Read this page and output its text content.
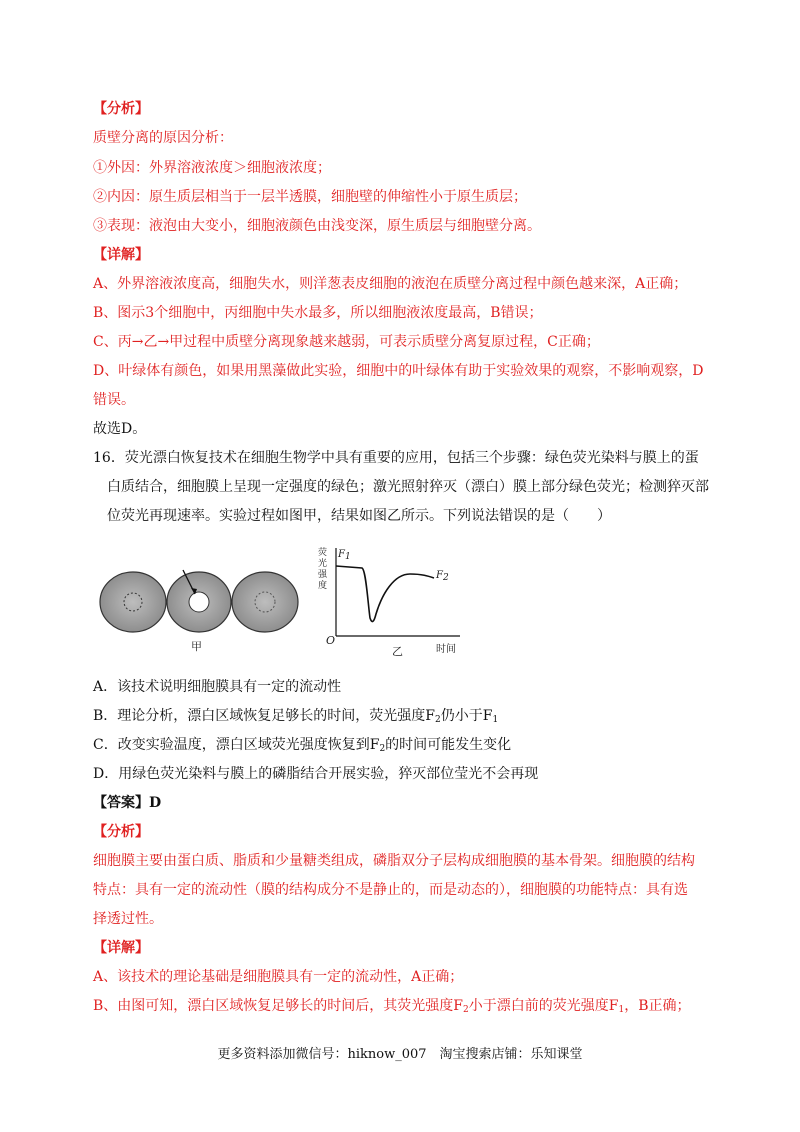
【分析】
质壁分离的原因分析：
①外因：外界溶液浓度＞细胞液浓度；
②内因：原生质层相当于一层半透膜，细胞壁的伸缩性小于原生质层；
③表现：液泡由大变小，细胞液颜色由浅变深，原生质层与细胞壁分离。
【详解】
A、外界溶液浓度高，细胞失水，则洋葱表皮细胞的液泡在质壁分离过程中颜色越来深，A正确；
B、图示3个细胞中，丙细胞中失水最多，所以细胞液浓度最高，B错误；
C、丙→乙→甲过程中质壁分离现象越来越弱，可表示质壁分离复原过程，C正确；
D、叶绿体有颜色，如果用黑藻做此实验，细胞中的叶绿体有助于实验效果的观察，不影响观察，D
错误。
故选D。
16．荧光漂白恢复技术在细胞生物学中具有重要的应用，包括三个步骤：绿色荧光染料与膜上的蛋
白质结合，细胞膜上呈现一定强度的绿色；激光照射猝灭（漂白）膜上部分绿色荧光；检测猝灭部
位荧光再现速率。实验过程如图甲，结果如图乙所示。下列说法错误的是（　　）
甲
荧
光
强
度
$F_1$
$F_2$
O
时间
乙
A．该技术说明细胞膜具有一定的流动性
B．理论分析，漂白区域恢复足够长的时间，荧光强度$F_2$仍小于$F_1$
C．改变实验温度，漂白区域荧光强度恢复到$F_2$的时间可能发生变化
D．用绿色荧光染料与膜上的磷脂结合开展实验，猝灭部位莹光不会再现
【答案】D
【分析】
细胞膜主要由蛋白质、脂质和少量糖类组成，磷脂双分子层构成细胞膜的基本骨架。细胞膜的结构
特点：具有一定的流动性（膜的结构成分不是静止的，而是动态的），细胞膜的功能特点：具有选
择透过性。
【详解】
A、该技术的理论基础是细胞膜具有一定的流动性，A正确；
B、由图可知，漂白区域恢复足够长的时间后，其荧光强度$F_2$小于漂白前的荧光强度$F_1$，B正确；
更多资料添加微信号：hiknow_007　淘宝搜索店铺：乐知课堂
